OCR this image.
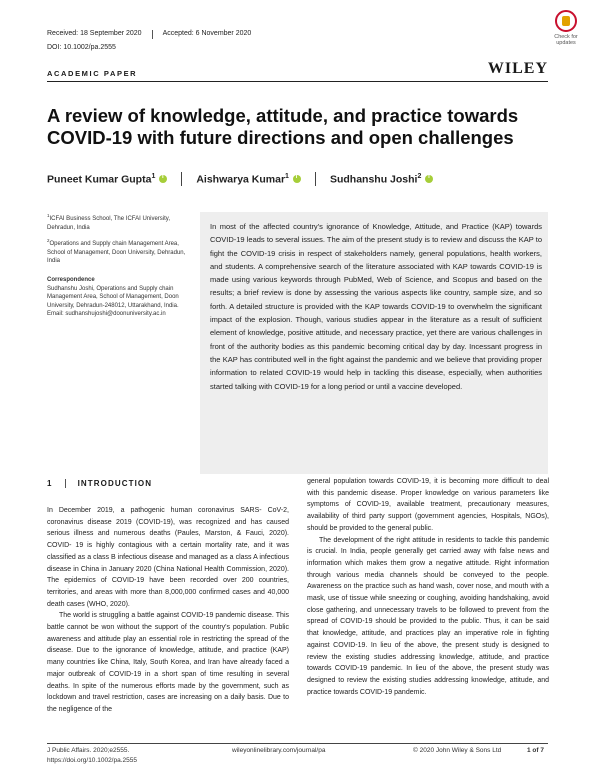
Received: 18 September 2020	Accepted: 6 November 2020
DOI: 10.1002/pa.2555
Check for
updates
ACADEMIC PAPER	WILEY
A review of knowledge, attitude, and practice towards COVID-19 with future directions and open challenges
Puneet Kumar Gupta$^1$ i	Aishwarya Kumar$^1$ i	Sudhanshu Joshi$^2$
i
$^1$ICFAI Business School, The ICFAI University, Dehradun, India
$^2$Operations and Supply chain Management Area, School of Management, Doon University, Dehradun, India
Correspondence
Sudhanshu Joshi, Operations and Supply chain Management Area, School of Management, Doon University, Dehradun-248012, Uttarakhand, India.
Email: sudhanshujoshi@doonuniversity.ac.in
In most of the affected country's ignorance of Knowledge, Attitude, and Practice (KAP) towards COVID-19 leads to several issues. The aim of the present study is to review and discuss the KAP to fight the COVID-19 crisis in respect of stakeholders namely, general populations, health workers, and students. A comprehensive search of the literature associated with KAP towards COVID-19 is made using various keywords through PubMed, Web of Science, and Scopus and based on the results; a brief review is done by assessing the various aspects like country, sample size, and so forth. A detailed structure is provided with the KAP towards COVID-19 to overwhelm the significant impact of the explosion. Though, various studies appear in the literature as a result of sufficient element of knowledge, positive attitude, and necessary practice, yet there are various challenges in front of the authority bodies as this pandemic becoming critical day by day. Incessant progress in the KAP has contributed well in the fight against the pandemic and we believe that providing proper information to related COVID-19 would help in tackling this disease, especially, when authorities started talking with COVID-19 for a long period or until a vaccine developed.
1	INTRODUCTION

In December 2019, a pathogenic human coronavirus SARS- CoV-2, coronavirus disease 2019 (COVID-19), was recognized and has caused serious illness and numerous deaths (Paules, Marston, & Fauci, 2020). COVID- 19 is highly contagious with a certain mortality rate, and it was classified as a class B infectious disease and managed as a class A infectious disease in China in January 2020 (China National Health Commission, 2020). The epidemics of COVID-19 have been recorded over 200 countries, territories, and areas with more than 8,000,000 confirmed cases and 40,000 death cases (WHO, 2020).

The world is struggling a battle against COVID-19 pandemic disease. This battle cannot be won without the support of the country's population. Public awareness and attitude play an essential role in restricting the spread of the disease. Due to the ignorance of knowledge, attitude, and practice (KAP) many countries like China, Italy, South Korea, and Iran have already faced a major outbreak of COVID-19 in a short span of time resulting in several deaths. In spite of the numerous efforts made by the government, such as lockdown and travel restriction, cases are increasing on a daily basis. Due to the negligence of the

general population towards COVID-19, it is becoming more difficult to deal with this pandemic disease. Proper knowledge on various parameters like symptoms of COVID-19, available treatment, precautionary measures, availability of third party support (government agencies, Hospitals, NGOs), should be provided to the general public.

The development of the right attitude in residents to tackle this pandemic is crucial. In India, people generally get carried away with false news and information which makes them grow a negative attitude. Right information through various media channels should be conveyed to the people. Awareness on the practice such as hand wash, cover nose, and mouth with a mask, use of tissue while sneezing or coughing, avoiding handshaking, avoid close gathering, and unnecessary travels to be followed to prevent from the spread of COVID-19 should be provided to the public. Thus, it can be said that knowledge, attitude, and practices play an imperative role in fighting against COVID-19. In lieu of the above, the present study is designed to review the existing studies addressing knowledge, attitude, and practice towards COVID-19 pandemic. In lieu of the above, the present study was designed to review the existing studies addressing knowledge, attitude, and practice towards COVID-19 pandemic.

J Public Affairs. 2020;e2555.
https://doi.org/10.1002/pa.2555
wileyonlinelibrary.com/journal/pa	© 2020 John Wiley & Sons Ltd	1 of 7
